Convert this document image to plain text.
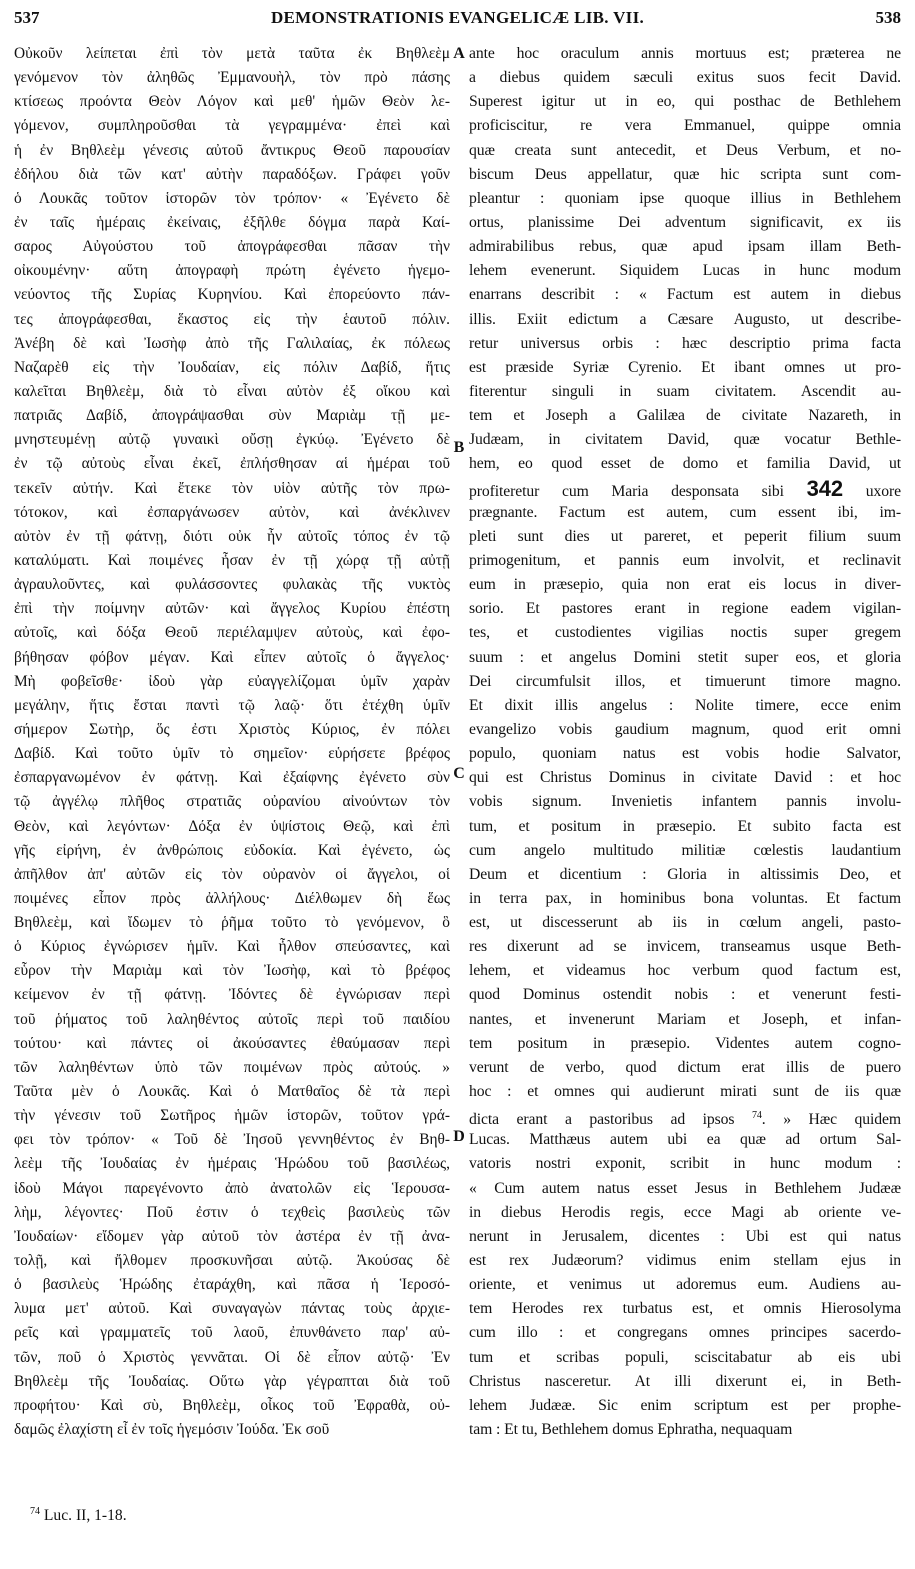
537	DEMONSTRATIONIS EVANGELICÆ LIB. VII.	538
Οὐκοῦν λείπεται ἐπὶ τὸν μετὰ ταῦτα ἐκ Βηθλεὲμ
γενόμενον τὸν ἀληθῶς Ἐμμανουὴλ, τὸν πρὸ πάσης
κτίσεως προόντα Θεὸν Λόγον καὶ μεθ' ἡμῶν Θεὸν λε-
γόμενον, συμπληροῦσθαι τὰ γεγραμμένα· ἐπεὶ καὶ
ἡ ἐν Βηθλεὲμ γένεσις αὐτοῦ ἄντικρυς Θεοῦ παρουσίαν
ἐδήλου διὰ τῶν κατ' αὐτὴν παραδόξων. Γράφει γοῦν
ὁ Λουκᾶς τοῦτον ἱστορῶν τὸν τρόπον· « Ἐγένετο δὲ
ἐν ταῖς ἡμέραις ἐκείναις, ἐξῆλθε δόγμα παρὰ Καί-
σαρος Αὐγούστου τοῦ ἀπογράφεσθαι πᾶσαν τὴν
οἰκουμένην· αὕτη ἀπογραφὴ πρώτη ἐγένετο ἡγεμο-
νεύοντος τῆς Συρίας Κυρηνίου. Καὶ ἐπορεύοντο πάν-
τες ἀπογράφεσθαι, ἕκαστος εἰς τὴν ἑαυτοῦ πόλιν.
Ἀνέβη δὲ καὶ Ἰωσὴφ ἀπὸ τῆς Γαλιλαίας, ἐκ πόλεως
Ναζαρὲθ εἰς τὴν Ἰουδαίαν, εἰς πόλιν Δαβίδ, ἥτις
καλεῖται Βηθλεὲμ, διὰ τὸ εἶναι αὐτὸν ἐξ οἴκου καὶ
πατριᾶς Δαβίδ, ἀπογράψασθαι σὺν Μαριὰμ τῇ με-
μνηστευμένῃ αὐτῷ γυναικὶ οὔσῃ ἐγκύῳ. Ἐγένετο δὲ
ἐν τῷ αὐτοὺς εἶναι ἐκεῖ, ἐπλήσθησαν αἱ ἡμέραι τοῦ
τεκεῖν αὐτήν. Καὶ ἔτεκε τὸν υἱὸν αὐτῆς τὸν πρω-
τότοκον, καὶ ἐσπαργάνωσεν αὐτὸν, καὶ ἀνέκλινεν
αὐτὸν ἐν τῇ φάτνῃ, διότι οὐκ ἦν αὐτοῖς τόπος ἐν τῷ
καταλύματι. Καὶ ποιμένες ἦσαν ἐν τῇ χώρᾳ τῇ αὐτῇ
ἀγραυλοῦντες, καὶ φυλάσσοντες φυλακὰς τῆς νυκτὸς
ἐπὶ τὴν ποίμνην αὐτῶν· καὶ ἄγγελος Κυρίου ἐπέστη
αὐτοῖς, καὶ δόξα Θεοῦ περιέλαμψεν αὐτοὺς, καὶ ἐφο-
βήθησαν φόβον μέγαν. Καὶ εἶπεν αὐτοῖς ὁ ἄγγελος·
Μὴ φοβεῖσθε· ἰδοὺ γὰρ εὐαγγελίζομαι ὑμῖν χαρὰν
μεγάλην, ἥτις ἔσται παντὶ τῷ λαῷ· ὅτι ἐτέχθη ὑμῖν
σήμερον Σωτὴρ, ὅς ἐστι Χριστὸς Κύριος, ἐν πόλει
Δαβίδ. Καὶ τοῦτο ὑμῖν τὸ σημεῖον· εὑρήσετε βρέφος
ἐσπαργανωμένον ἐν φάτνῃ. Καὶ ἐξαίφνης ἐγένετο σὺν
τῷ ἀγγέλῳ πλῆθος στρατιᾶς οὐρανίου αἰνούντων τὸν
Θεὸν, καὶ λεγόντων· Δόξα ἐν ὑψίστοις Θεῷ, καὶ ἐπὶ
γῆς εἰρήνη, ἐν ἀνθρώποις εὐδοκία. Καὶ ἐγένετο, ὡς
ἀπῆλθον ἀπ' αὐτῶν εἰς τὸν οὐρανὸν οἱ ἄγγελοι, οἱ
ποιμένες εἶπον πρὸς ἀλλήλους· Διέλθωμεν δὴ ἕως
Βηθλεὲμ, καὶ ἴδωμεν τὸ ῥῆμα τοῦτο τὸ γενόμενον, ὃ
ὁ Κύριος ἐγνώρισεν ἡμῖν. Καὶ ἦλθον σπεύσαντες, καὶ
εὗρον τὴν Μαριὰμ καὶ τὸν Ἰωσὴφ, καὶ τὸ βρέφος
κείμενον ἐν τῇ φάτνῃ. Ἰδόντες δὲ ἐγνώρισαν περὶ
τοῦ ῥήματος τοῦ λαληθέντος αὐτοῖς περὶ τοῦ παιδίου
τούτου· καὶ πάντες οἱ ἀκούσαντες ἐθαύμασαν περὶ
τῶν λαληθέντων ὑπὸ τῶν ποιμένων πρὸς αὐτούς. »
Ταῦτα μὲν ὁ Λουκᾶς. Καὶ ὁ Ματθαῖος δὲ τὰ περὶ
τὴν γένεσιν τοῦ Σωτῆρος ἡμῶν ἱστορῶν, τοῦτον γρά-
φει τὸν τρόπον· « Τοῦ δὲ Ἰησοῦ γεννηθέντος ἐν Βηθ-
λεὲμ τῆς Ἰουδαίας ἐν ἡμέραις Ἡρώδου τοῦ βασιλέως,
ἰδοὺ Μάγοι παρεγένοντο ἀπὸ ἀνατολῶν εἰς Ἱερουσα-
λὴμ, λέγοντες· Ποῦ ἐστιν ὁ τεχθεὶς βασιλεὺς τῶν
Ἰουδαίων· εἴδομεν γὰρ αὐτοῦ τὸν ἀστέρα ἐν τῇ ἀνα-
τολῇ, καὶ ἤλθομεν προσκυνῆσαι αὐτῷ. Ἀκούσας δὲ
ὁ βασιλεὺς Ἡρώδης ἐταράχθη, καὶ πᾶσα ἡ Ἱεροσό-
λυμα μετ' αὐτοῦ. Καὶ συναγαγὼν πάντας τοὺς ἀρχιε-
ρεῖς καὶ γραμματεῖς τοῦ λαοῦ, ἐπυνθάνετο παρ' αὐ-
τῶν, ποῦ ὁ Χριστὸς γεννᾶται. Οἱ δὲ εἶπον αὐτῷ· Ἐν
Βηθλεὲμ τῆς Ἰουδαίας. Οὕτω γὰρ γέγραπται διὰ τοῦ
προφήτου· Καὶ σὺ, Βηθλεὲμ, οἶκος τοῦ Ἐφραθὰ, οὐ-
δαμῶς ἐλαχίστη εἶ ἐν τοῖς ἡγεμόσιν Ἰούδα. Ἐκ σοῦ
ante hoc oraculum annis mortuus est; præterea ne
a diebus quidem sæculi exitus suos fecit David.
Superest igitur ut in eo, qui posthac de Bethlehem
proficiscitur, re vera Emmanuel, quippe omnia
quæ creata sunt antecedit, et Deus Verbum, et no-
biscum Deus appellatur, quæ hic scripta sunt com-
pleantur : quoniam ipse quoque illius in Bethlehem
ortus, planissime Dei adventum significavit, ex iis
admirabilibus rebus, quæ apud ipsam illam Beth-
lehem evenerunt. Siquidem Lucas in hunc modum
enarrans describit : « Factum est autem in diebus
illis. Exiit edictum a Cæsare Augusto, ut describe-
retur universus orbis : hæc descriptio prima facta
est præside Syriæ Cyrenio. Et ibant omnes ut pro-
fiterentur singuli in suam civitatem. Ascendit au-
tem et Joseph a Galilæa de civitate Nazareth, in
Judæam, in civitatem David, quæ vocatur Bethle-
hem, eo quod esset de domo et familia David, ut
profiteretur cum Maria desponsata sibi 342 uxore
prægnante. Factum est autem, cum essent ibi, im-
pleti sunt dies ut pareret, et peperit filium suum
primogenitum, et pannis eum involvit, et reclinavit
eum in præsepio, quia non erat eis locus in diver-
sorio. Et pastores erant in regione eadem vigilan-
tes, et custodientes vigilias noctis super gregem
suum : et angelus Domini stetit super eos, et gloria
Dei circumfulsit illos, et timuerunt timore magno.
Et dixit illis angelus : Nolite timere, ecce enim
evangelizo vobis gaudium magnum, quod erit omni
populo, quoniam natus est vobis hodie Salvator,
qui est Christus Dominus in civitate David : et hoc
vobis signum. Invenietis infantem pannis involu-
tum, et positum in præsepio. Et subito facta est
cum angelo multitudo militiæ cœlestis laudantium
Deum et dicentium : Gloria in altissimis Deo, et
in terra pax, in hominibus bona voluntas. Et factum
est, ut discesserunt ab iis in cœlum angeli, pasto-
res dixerunt ad se invicem, transeamus usque Beth-
lehem, et videamus hoc verbum quod factum est,
quod Dominus ostendit nobis : et venerunt festi-
nantes, et invenerunt Mariam et Joseph, et infan-
tem positum in præsepio. Videntes autem cogno-
verunt de verbo, quod dictum erat illis de puero
hoc : et omnes qui audierunt mirati sunt de iis quæ
dicta erant a pastoribus ad ipsos $^{74}$. » Hæc quidem
Lucas. Matthæus autem ubi ea quæ ad ortum Sal-
vatoris nostri exponit, scribit in hunc modum :
« Cum autem natus esset Jesus in Bethlehem Judææ
in diebus Herodis regis, ecce Magi ab oriente ve-
nerunt in Jerusalem, dicentes : Ubi est qui natus
est rex Judæorum? vidimus enim stellam ejus in
oriente, et venimus ut adoremus eum. Audiens au-
tem Herodes rex turbatus est, et omnis Hierosolyma
cum illo : et congregans omnes principes sacerdo-
tum et scribas populi, sciscitabatur ab eis ubi
Christus nasceretur. At illi dixerunt ei, in Beth-
lehem Judææ. Sic enim scriptum est per prophe-
tam : Et tu, Bethlehem domus Ephratha, nequaquam
A
B
C
D
$^{74}$ Luc. II, 1-18.
